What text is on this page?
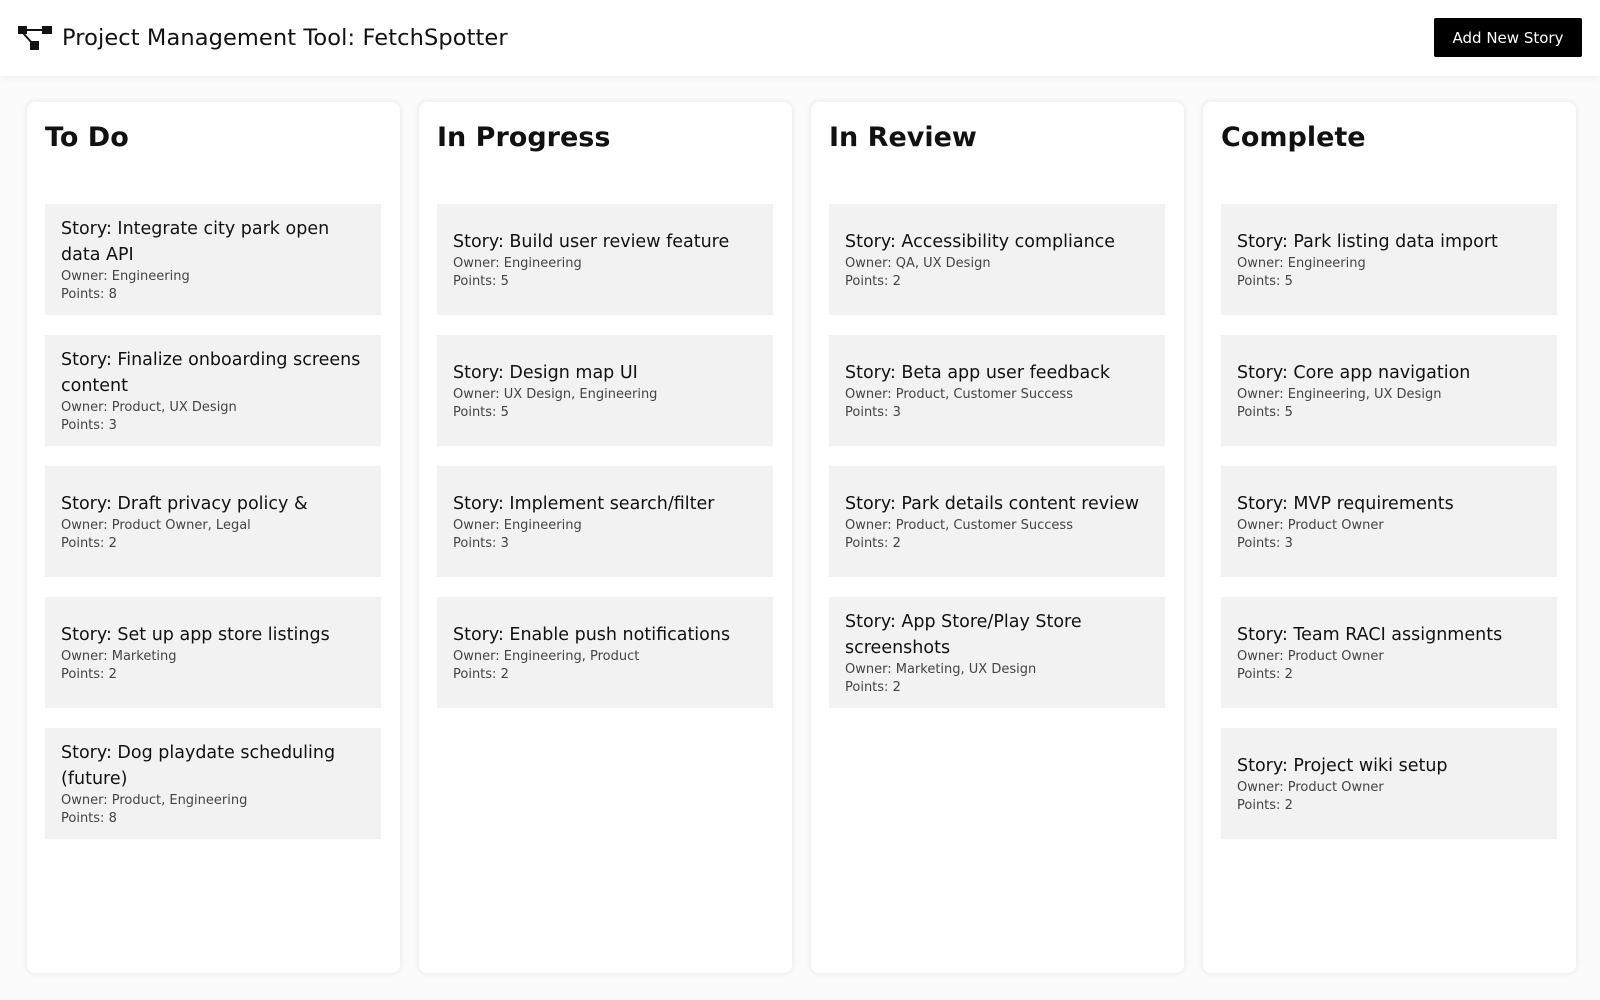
Project Management Tool: FetchSpotter	Add New Story
To Do
Story: Integrate city park open data API
Owner: Engineering
Points: 8
Story: Finalize onboarding screens content
Owner: Product, UX Design
Points: 3
Story: Draft privacy policy &
Owner: Product Owner, Legal
Points: 2
Story: Set up app store listings
Owner: Marketing
Points: 2
Story: Dog playdate scheduling (future)
Owner: Product, Engineering
Points: 8
In Progress
Story: Build user review feature
Owner: Engineering
Points: 5
Story: Design map UI
Owner: UX Design, Engineering
Points: 5
Story: Implement search/filter
Owner: Engineering
Points: 3
Story: Enable push notifications
Owner: Engineering, Product
Points: 2
In Review
Story: Accessibility compliance
Owner: QA, UX Design
Points: 2
Story: Beta app user feedback
Owner: Product, Customer Success
Points: 3
Story: Park details content review
Owner: Product, Customer Success
Points: 2
Story: App Store/Play Store screenshots
Owner: Marketing, UX Design
Points: 2
Complete
Story: Park listing data import
Owner: Engineering
Points: 5
Story: Core app navigation
Owner: Engineering, UX Design
Points: 5
Story: MVP requirements
Owner: Product Owner
Points: 3
Story: Team RACI assignments
Owner: Product Owner
Points: 2
Story: Project wiki setup
Owner: Product Owner
Points: 2
